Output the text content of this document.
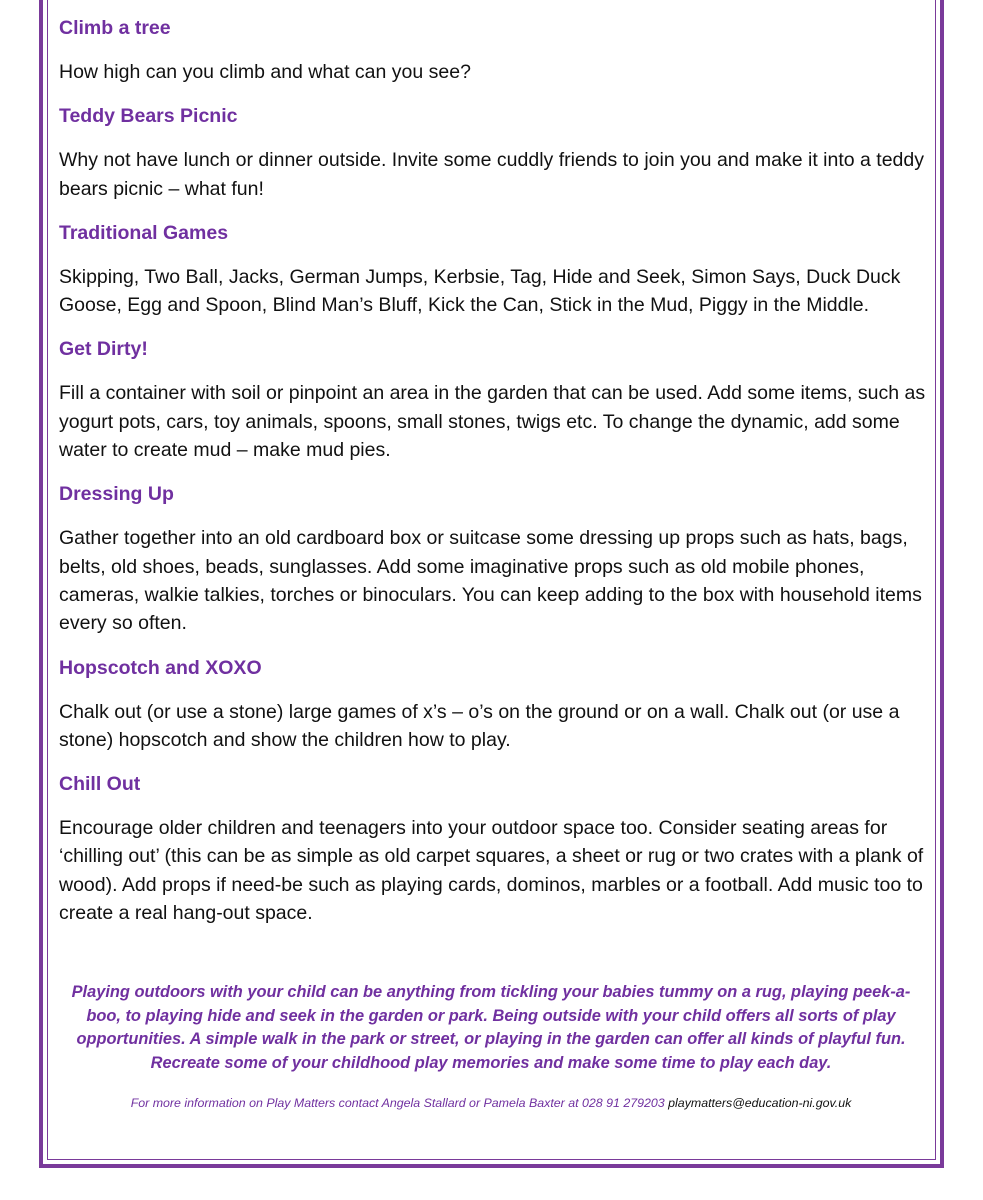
Climb a tree

How high can you climb and what can you see?

Teddy Bears Picnic

Why not have lunch or dinner outside. Invite some cuddly friends to join you and make it into a teddy bears picnic – what fun!

Traditional Games

Skipping, Two Ball, Jacks, German Jumps, Kerbsie, Tag, Hide and Seek, Simon Says, Duck Duck Goose, Egg and Spoon, Blind Man’s Bluff, Kick the Can, Stick in the Mud, Piggy in the Middle.

Get Dirty!

Fill a container with soil or pinpoint an area in the garden that can be used. Add some items, such as yogurt pots, cars, toy animals, spoons, small stones, twigs etc. To change the dynamic, add some water to create mud – make mud pies.

Dressing Up

Gather together into an old cardboard box or suitcase some dressing up props such as hats, bags, belts, old shoes, beads, sunglasses. Add some imaginative props such as old mobile phones, cameras, walkie talkies, torches or binoculars. You can keep adding to the box with household items every so often.

Hopscotch and XOXO

Chalk out (or use a stone) large games of x’s – o’s on the ground or on a wall. Chalk out (or use a stone) hopscotch and show the children how to play.

Chill Out

Encourage older children and teenagers into your outdoor space too. Consider seating areas for ‘chilling out’ (this can be as simple as old carpet squares, a sheet or rug or two crates with a plank of wood). Add props if need-be such as playing cards, dominos, marbles or a football. Add music too to create a real hang-out space.

Playing outdoors with your child can be anything from tickling your babies tummy on a rug, playing peek-a-boo, to playing hide and seek in the garden or park. Being outside with your child offers all sorts of play opportunities. A simple walk in the park or street, or playing in the garden can offer all kinds of playful fun. Recreate some of your childhood play memories and make some time to play each day.

For more information on Play Matters contact Angela Stallard or Pamela Baxter at 028 91 279203 playmatters@education-ni.gov.uk
